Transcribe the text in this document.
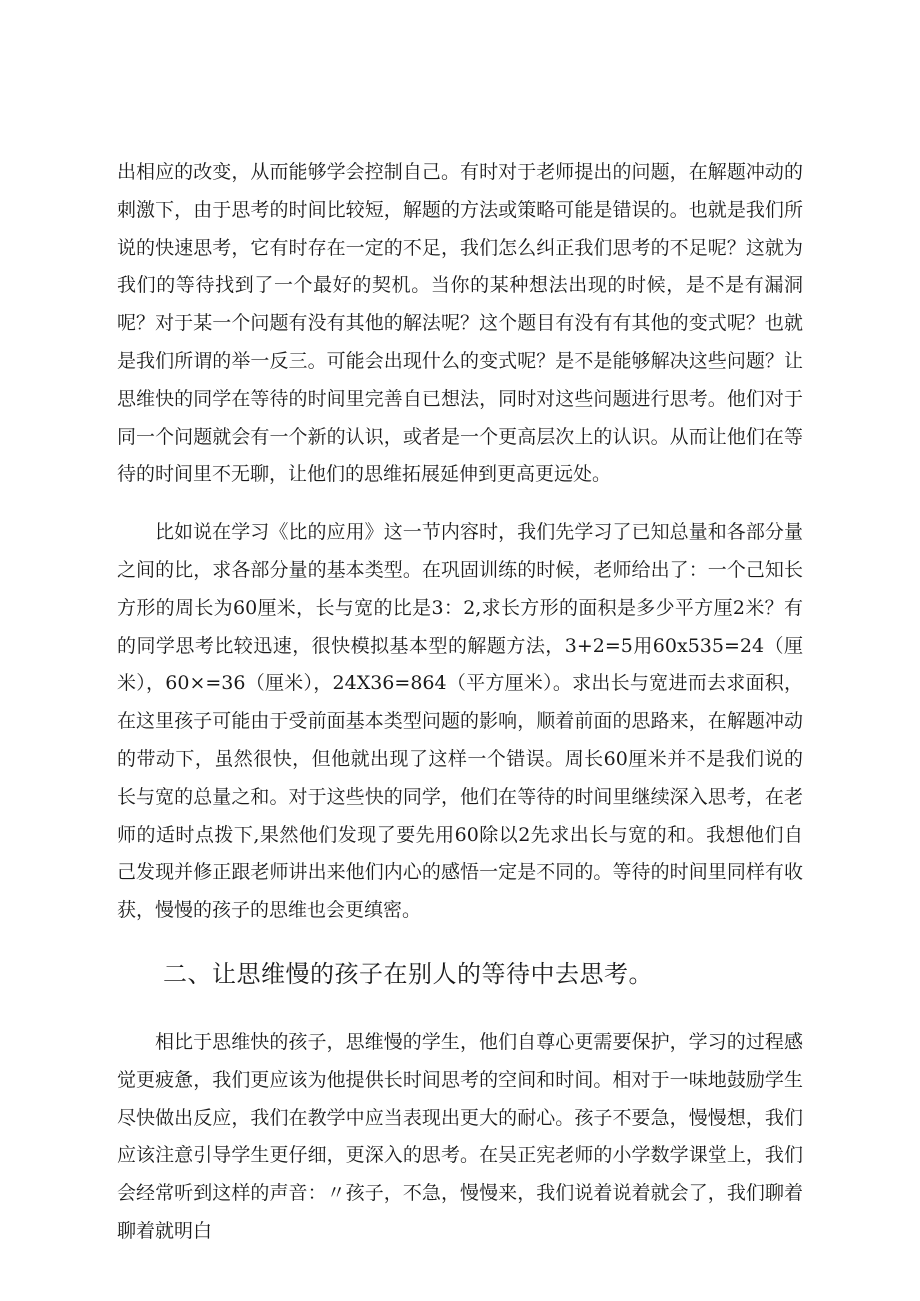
出相应的改变，从而能够学会控制自己。有时对于老师提出的问题，在解题冲动的刺激下，由于思考的时间比较短，解题的方法或策略可能是错误的。也就是我们所说的快速思考，它有时存在一定的不足，我们怎么纠正我们思考的不足呢？这就为我们的等待找到了一个最好的契机。当你的某种想法出现的时候，是不是有漏洞呢？对于某一个问题有没有其他的解法呢？这个题目有没有有其他的变式呢？也就是我们所谓的举一反三。可能会出现什么的变式呢？是不是能够解决这些问题？让思维快的同学在等待的时间里完善自已想法，同时对这些问题进行思考。他们对于同一个问题就会有一个新的认识，或者是一个更高层次上的认识。从而让他们在等待的时间里不无聊，让他们的思维拓展延伸到更高更远处。

比如说在学习《比的应用》这一节内容时，我们先学习了已知总量和各部分量之间的比，求各部分量的基本类型。在巩固训练的时候，老师给出了：一个己知长方形的周长为60厘米，长与宽的比是3：2,求长方形的面积是多少平方厘2米？有的同学思考比较迅速，很快模拟基本型的解题方法，3+2=5用60x535=24（厘米），60×=36（厘米），24X36=864（平方厘米）。求出长与宽进而去求面积，在这里孩子可能由于受前面基本类型问题的影响，顺着前面的思路来，在解题冲动的带动下，虽然很快，但他就出现了这样一个错误。周长60厘米并不是我们说的长与宽的总量之和。对于这些快的同学，他们在等待的时间里继续深入思考，在老师的适时点拨下,果然他们发现了要先用60除以2先求出长与宽的和。我想他们自己发现并修正跟老师讲出来他们内心的感悟一定是不同的。等待的时间里同样有收获，慢慢的孩子的思维也会更缜密。

二、让思维慢的孩子在别人的等待中去思考。

相比于思维快的孩子，思维慢的学生，他们自尊心更需要保护，学习的过程感觉更疲惫，我们更应该为他提供长时间思考的空间和时间。相对于一味地鼓励学生尽快做出反应，我们在教学中应当表现出更大的耐心。孩子不要急，慢慢想，我们应该注意引导学生更仔细，更深入的思考。在吴正宪老师的小学数学课堂上，我们会经常听到这样的声音：〃孩子，不急，慢慢来，我们说着说着就会了，我们聊着聊着就明白
